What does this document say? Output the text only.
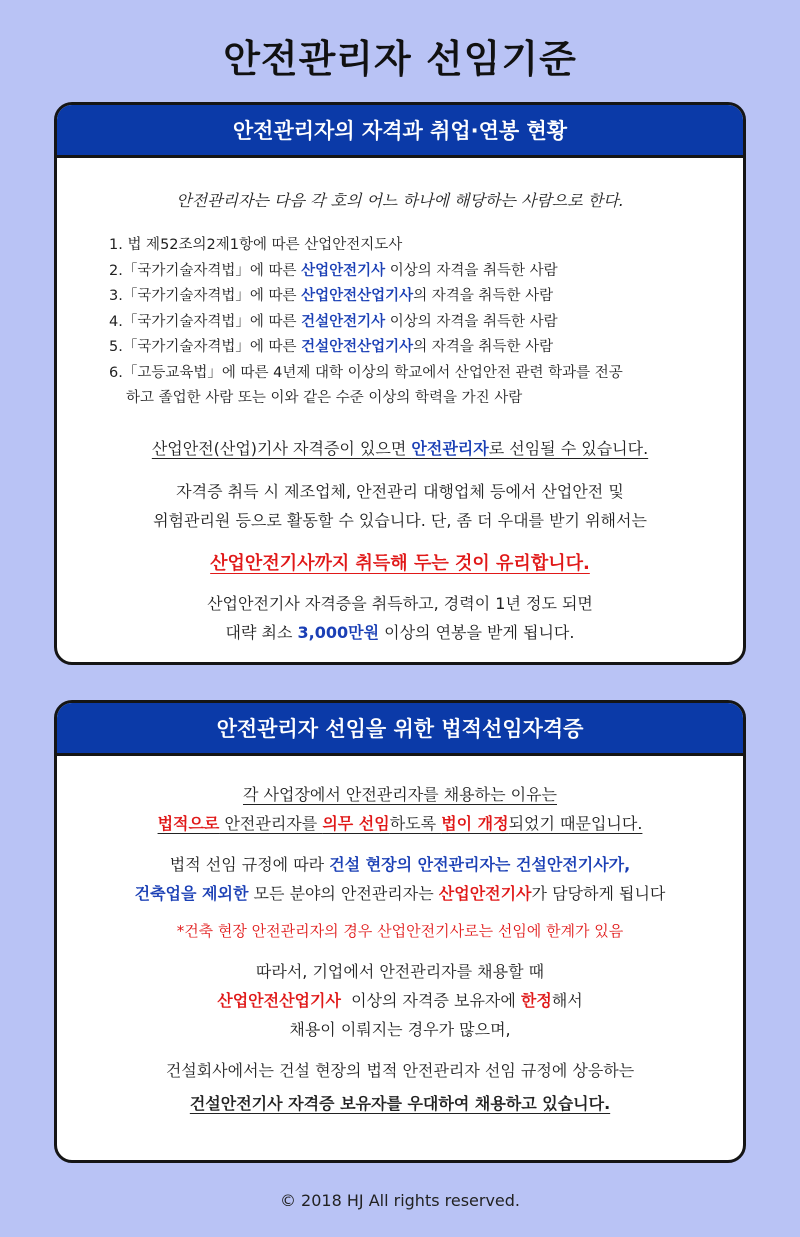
안전관리자 선임기준
안전관리자의 자격과 취업·연봉 현황
안전관리자는 다음 각 호의 어느 하나에 해당하는 사람으로 한다.
1. 법 제52조의2제1항에 따른 산업안전지도사
2.「국가기술자격법」에 따른 산업안전기사 이상의 자격을 취득한 사람
3.「국가기술자격법」에 따른 산업안전산업기사의 자격을 취득한 사람
4.「국가기술자격법」에 따른 건설안전기사 이상의 자격을 취득한 사람
5.「국가기술자격법」에 따른 건설안전산업기사의 자격을 취득한 사람
6.「고등교육법」에 따른 4년제 대학 이상의 학교에서 산업안전 관련 학과를 전공
하고 졸업한 사람 또는 이와 같은 수준 이상의 학력을 가진 사람
산업안전(산업)기사 자격증이 있으면 안전관리자로 선임될 수 있습니다.
자격증 취득 시 제조업체, 안전관리 대행업체 등에서 산업안전 및
위험관리원 등으로 활동할 수 있습니다. 단, 좀 더 우대를 받기 위해서는
산업안전기사까지 취득해 두는 것이 유리합니다.
산업안전기사 자격증을 취득하고, 경력이 1년 정도 되면
대략 최소 3,000만원 이상의 연봉을 받게 됩니다.
안전관리자 선임을 위한 법적선임자격증
각 사업장에서 안전관리자를 채용하는 이유는
법적으로 안전관리자를 의무 선임하도록 법이 개정되었기 때문입니다.
법적 선임 규정에 따라 건설 현장의 안전관리자는 건설안전기사가,
건축업을 제외한 모든 분야의 안전관리자는 산업안전기사가 담당하게 됩니다
*건축 현장 안전관리자의 경우 산업안전기사로는 선임에 한계가 있음
따라서, 기업에서 안전관리자를 채용할 때
산업안전산업기사  이상의 자격증 보유자에 한정해서
채용이 이뤄지는 경우가 많으며,
건설회사에서는 건설 현장의 법적 안전관리자 선임 규정에 상응하는
건설안전기사 자격증 보유자를 우대하여 채용하고 있습니다.
© 2018 HJ All rights reserved.
